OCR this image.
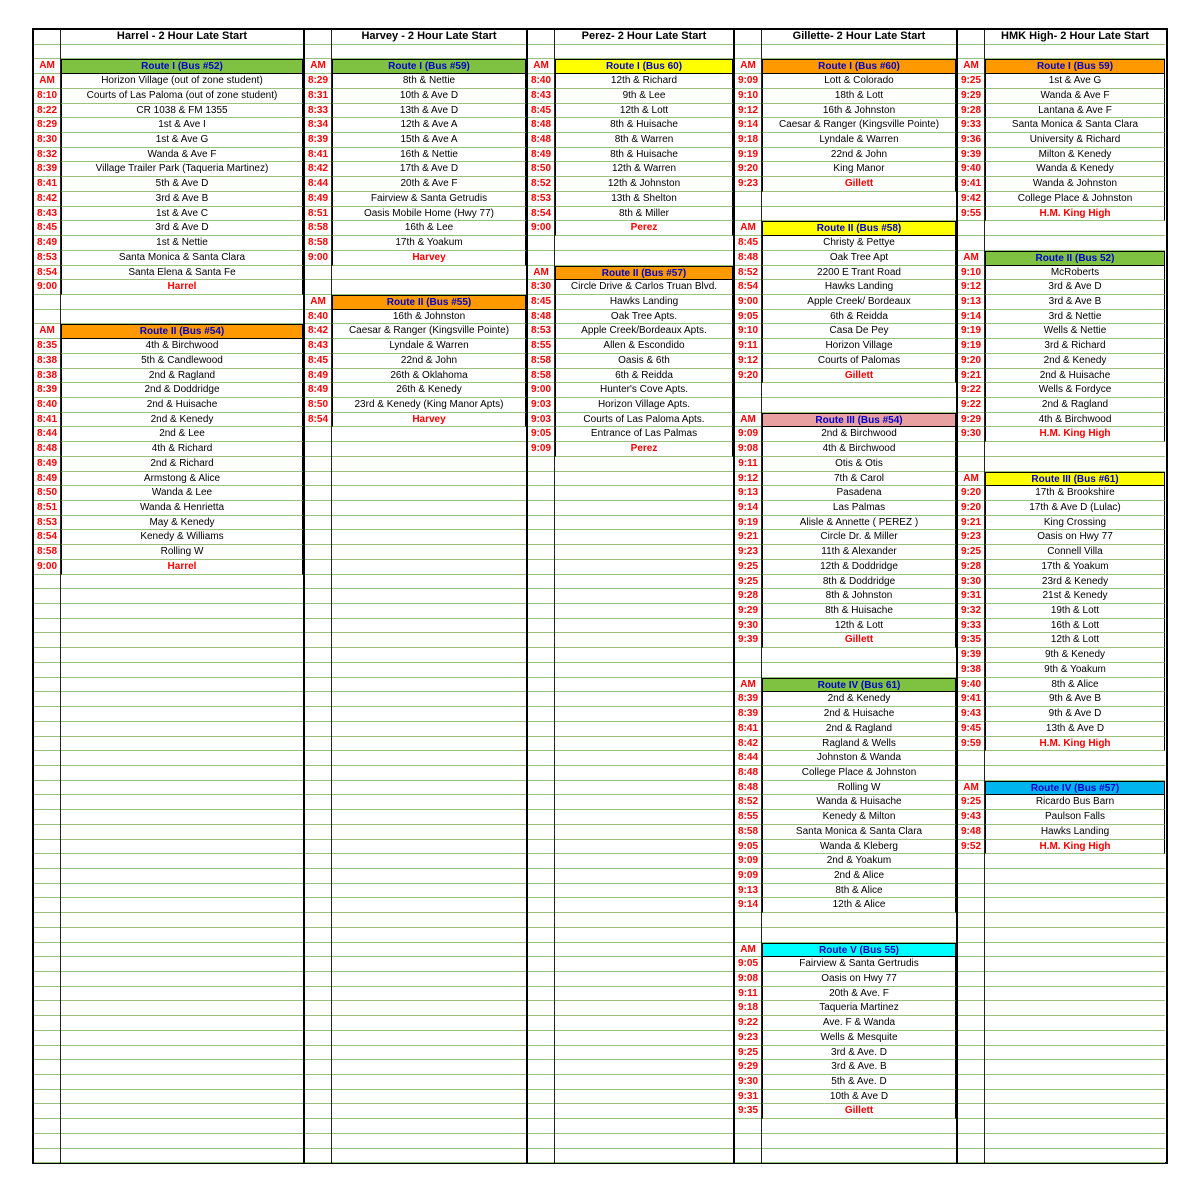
AM
AM
8:10
8:22
8:29
8:30
8:32
8:39
8:41
8:42
8:43
8:45
8:49
8:53
8:54
9:00
AM
8:35
8:38
8:38
8:39
8:40
8:41
8:44
8:48
8:49
8:49
8:50
8:51
8:53
8:54
8:58
9:00
Harrel - 2 Hour Late Start
Route I (Bus #52)
Horizon Village (out of zone student)
Courts of Las Paloma (out of zone student)
CR 1038 & FM 1355
1st & Ave I
1st & Ave G
Wanda & Ave F
Village Trailer Park (Taqueria Martinez)
5th & Ave D
3rd & Ave B
1st & Ave C
3rd & Ave D
1st & Nettie
Santa Monica & Santa Clara
Santa Elena & Santa Fe
Harrel
Route II (Bus #54)
4th & Birchwood
5th & Candlewood
2nd & Ragland
2nd & Doddridge
2nd & Huisache
2nd & Kenedy
2nd & Lee
4th & Richard
2nd & Richard
Armstong & Alice
Wanda & Lee
Wanda & Henrietta
May & Kenedy
Kenedy & Williams
Rolling W
Harrel
AM
8:29
8:31
8:33
8:34
8:39
8:41
8:42
8:44
8:49
8:51
8:58
8:58
9:00
AM
8:40
8:42
8:43
8:45
8:49
8:49
8:50
8:54
Harvey - 2 Hour Late Start
Route I (Bus #59)
8th & Nettie
10th & Ave D
13th & Ave D
12th & Ave A
15th & Ave A
16th & Nettie
17th & Ave D
20th & Ave F
Fairview & Santa Getrudis
Oasis Mobile Home (Hwy 77)
16th & Lee
17th & Yoakum
Harvey
Route II (Bus #55)
16th & Johnston
Caesar & Ranger (Kingsville Pointe)
Lyndale & Warren
22nd & John
26th & Oklahoma
26th & Kenedy
23rd & Kenedy (King Manor Apts)
Harvey
AM
8:40
8:43
8:45
8:48
8:48
8:49
8:50
8:52
8:53
8:54
9:00
AM
8:30
8:45
8:48
8:53
8:55
8:58
8:58
9:00
9:03
9:03
9:05
9:09
Perez- 2 Hour Late Start
Route I (Bus 60)
12th & Richard
9th & Lee
12th & Lott
8th & Huisache
8th & Warren
8th & Huisache
12th & Warren
12th & Johnston
13th & Shelton
8th & Miller
Perez
Route II (Bus #57)
Circle Drive & Carlos Truan Blvd.
Hawks Landing
Oak Tree Apts.
Apple Creek/Bordeaux Apts.
Allen & Escondido
Oasis & 6th
6th & Reidda
Hunter's Cove Apts.
Horizon Village Apts.
Courts of Las Paloma Apts.
Entrance of Las Palmas
Perez
AM
9:09
9:10
9:12
9:14
9:18
9:19
9:20
9:23
AM
8:45
8:48
8:52
8:54
9:00
9:05
9:10
9:11
9:12
9:20
AM
9:09
9:08
9:11
9:12
9:13
9:14
9:19
9:21
9:23
9:25
9:25
9:28
9:29
9:30
9:39
AM
8:39
8:39
8:41
8:42
8:44
8:48
8:48
8:52
8:55
8:58
9:05
9:09
9:09
9:13
9:14
AM
9:05
9:08
9:11
9:18
9:22
9:23
9:25
9:29
9:30
9:31
9:35
Gillette- 2 Hour Late Start
Route I (Bus #60)
Lott & Colorado
18th & Lott
16th & Johnston
Caesar & Ranger (Kingsville Pointe)
Lyndale & Warren
22nd & John
King Manor
Gillett
Route II (Bus #58)
Christy & Pettye
Oak Tree Apt
2200 E Trant Road
Hawks Landing
Apple Creek/ Bordeaux
6th & Reidda
Casa De Pey
Horizon Village
Courts of Palomas
Gillett
Route III (Bus #54)
2nd & Birchwood
4th & Birchwood
Otis & Otis
7th & Carol
Pasadena
Las Palmas
Alisle & Annette ( PEREZ )
Circle Dr. & Miller
11th & Alexander
12th & Doddridge
8th & Doddridge
8th & Johnston
8th & Huisache
12th & Lott
Gillett
Route IV (Bus 61)
2nd & Kenedy
2nd & Huisache
2nd & Ragland
Ragland & Wells
Johnston & Wanda
College Place & Johnston
Rolling W
Wanda & Huisache
Kenedy & Milton
Santa Monica & Santa Clara
Wanda & Kleberg
2nd & Yoakum
2nd & Alice
8th & Alice
12th & Alice
Route V (Bus 55)
Fairview & Santa Gertrudis
Oasis on Hwy 77
20th & Ave. F
Taqueria Martinez
Ave. F & Wanda
Wells & Mesquite
3rd & Ave. D
3rd & Ave. B
5th & Ave. D
10th & Ave D
Gillett
AM
9:25
9:29
9:28
9:33
9:36
9:39
9:40
9:41
9:42
9:55
AM
9:10
9:12
9:13
9:14
9:19
9:19
9:20
9:21
9:22
9:22
9:29
9:30
AM
9:20
9:20
9:21
9:23
9:25
9:28
9:30
9:31
9:32
9:33
9:35
9:39
9:38
9:40
9:41
9:43
9:45
9:59
AM
9:25
9:43
9:48
9:52
HMK High- 2 Hour Late Start
Route I (Bus 59)
1st & Ave G
Wanda & Ave F
Lantana & Ave F
Santa Monica & Santa Clara
University & Richard
Milton & Kenedy
Wanda & Kenedy
Wanda & Johnston
College Place & Johnston
H.M. King High
Route II (Bus 52)
McRoberts
3rd & Ave D
3rd & Ave B
3rd & Nettie
Wells & Nettie
3rd & Richard
2nd & Kenedy
2nd & Huisache
Wells & Fordyce
2nd & Ragland
4th & Birchwood
H.M. King High
Route III (Bus #61)
17th & Brookshire
17th & Ave D (Lulac)
King Crossing
Oasis on Hwy 77
Connell Villa
17th & Yoakum
23rd & Kenedy
21st & Kenedy
19th & Lott
16th & Lott
12th & Lott
9th & Kenedy
9th & Yoakum
8th & Alice
9th & Ave B
9th & Ave D
13th & Ave D
H.M. King High
Route IV (Bus #57)
Ricardo Bus Barn
Paulson Falls
Hawks Landing
H.M. King High
